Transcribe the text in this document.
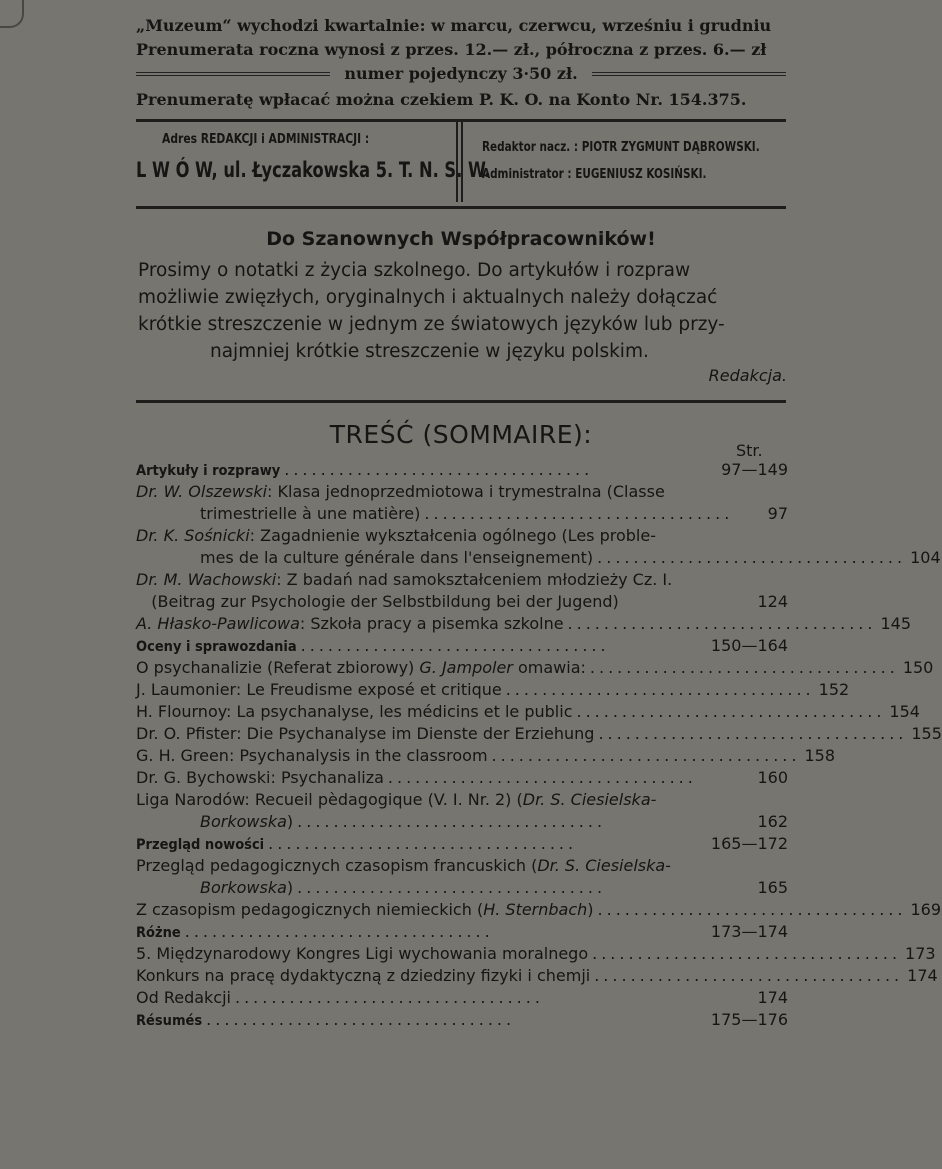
„Muzeum“ wychodzi kwartalnie: w marcu, czerwcu, wrześniu i grudniu
Prenumerata roczna wynosi z przes. 12.— zł., półroczna z przes. 6.— zł
numer pojedynczy 3·50 zł.
Prenumeratę wpłacać można czekiem P. K. O. na Konto Nr. 154.375.
Adres REDAKCJI i ADMINISTRACJI :
L W Ó W, ul. Łyczakowska 5. T. N. S. W.
Redaktor nacz. : PIOTR ZYGMUNT DĄBROWSKI.
Administrator : EUGENIUSZ KOSIŃSKI.
Do Szanownych Współpracowników!
Prosimy o notatki z życia szkolnego. Do artykułów i rozpraw
możliwie zwięzłych, oryginalnych i aktualnych należy dołączać
krótkie streszczenie w jednym ze światowych języków lub przy-
najmniej krótkie streszczenie w języku polskim.
Redakcja.
TREŚĆ (SOMMAIRE):
Str.
Artykuły i rozprawy ..................................	97—149
Dr. W. Olszewski: Klasa jednoprzedmiotowa i trymestralna (Classe
trimestrielle à une matière) ..................................	97
Dr. K. Sośnicki: Zagadnienie wykształcenia ogólnego (Les proble-
mes de la culture générale dans l'enseignement) .................................. 104
Dr. M. Wachowski: Z badań nad samokształceniem młodzieży Cz. I.
(Beitrag zur Psychologie der Selbstbildung bei der Jugend)	124
A. Hłasko-Pawlicowa: Szkoła pracy a pisemka szkolne .................................. 145
Oceny i sprawozdania ..................................	150—164
O psychanalizie (Referat zbiorowy) G. Jampoler omawia: .................................. 150
J. Laumonier: Le Freudisme exposé et critique .................................. 152
H. Flournoy: La psychanalyse, les médicins et le public .................................. 154
Dr. O. Pfister: Die Psychanalyse im Dienste der Erziehung .................................. 155
G. H. Green: Psychanalysis in the classroom .................................. 158
Dr. G. Bychowski: Psychanaliza ..................................	160
Liga Narodów: Recueil pèdagogique (V. I. Nr. 2) (Dr. S. Ciesielska-
Borkowska) ..................................	162
Przegląd nowości ..................................	165—172
Przegląd pedagogicznych czasopism francuskich (Dr. S. Ciesielska-
Borkowska) ..................................	165
Z czasopism pedagogicznych niemieckich (H. Sternbach) .................................. 169
Różne ..................................	173—174
5. Międzynarodowy Kongres Ligi wychowania moralnego .................................. 173
Konkurs na pracę dydaktyczną z dziedziny fizyki i chemji .................................. 174
Od Redakcji ..................................	174
Résumés ..................................	175—176
